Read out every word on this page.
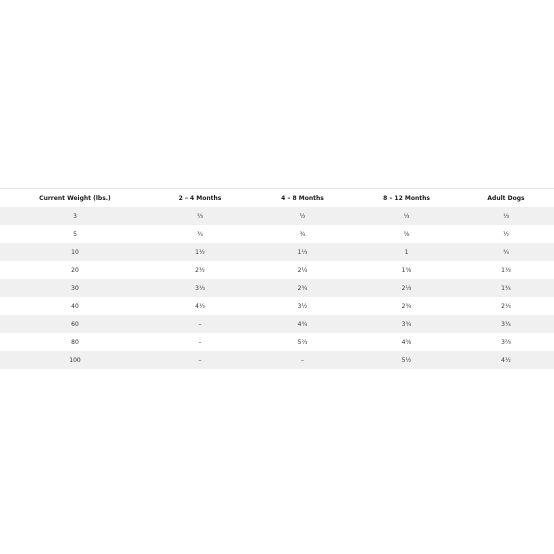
Current Weight (lbs.)	2 – 4 Months	4 – 8 Months	8 – 12 Months	Adult Dogs
3	⅔	½	⅓	⅓
5	¾	¾	⅝	½
10	1½	1⅓	1	¾
20	2½	2¼	1⅝	1⅓
30	3⅓	2¾	2⅓	1¾
40	4⅓	3½	2¾	2⅓
60	–	4¾	3¾	3¼
80	–	5⅔	4⅝	3⅔
100	–	–	5½	4½
